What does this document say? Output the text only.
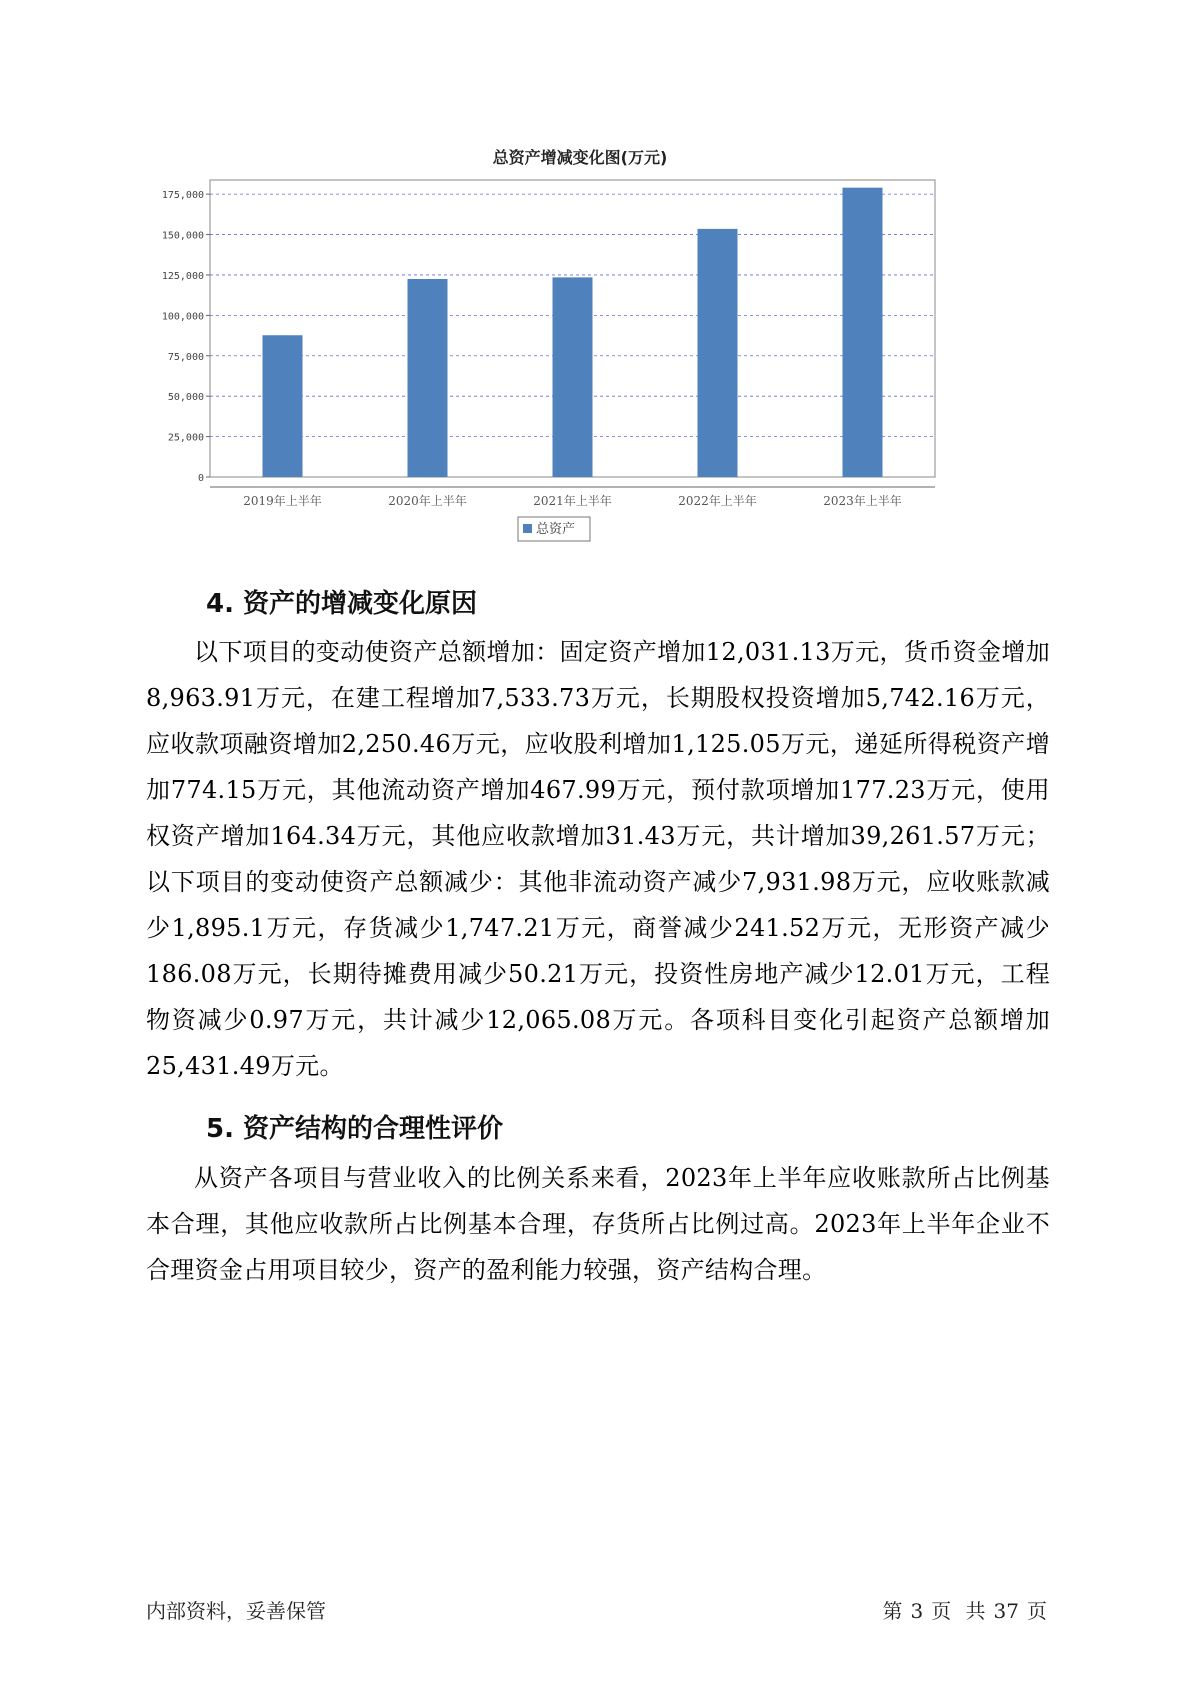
总资产增减变化图(万元)
0
25,000
50,000
75,000
100,000
125,000
150,000
175,000
2019年上半年	2020年上半年	2021年上半年	2022年上半年	2023年上半年
总资产
4. 资产的增减变化原因

以下项目的变动使资产总额增加：固定资产增加12,031.13万元，货币资金增加8,963.91万元，在建工程增加7,533.73万元，长期股权投资增加5,742.16万元，应收款项融资增加2,250.46万元，应收股利增加1,125.05万元，递延所得税资产增加774.15万元，其他流动资产增加467.99万元，预付款项增加177.23万元，使用权资产增加164.34万元，其他应收款增加31.43万元，共计增加39,261.57万元；以下项目的变动使资产总额减少：其他非流动资产减少7,931.98万元，应收账款减少1,895.1万元，存货减少1,747.21万元，商誉减少241.52万元，无形资产减少186.08万元，长期待摊费用减少50.21万元，投资性房地产减少12.01万元，工程物资减少0.97万元，共计减少12,065.08万元。各项科目变化引起资产总额增加25,431.49万元。

5. 资产结构的合理性评价

从资产各项目与营业收入的比例关系来看，2023年上半年应收账款所占比例基本合理，其他应收款所占比例基本合理，存货所占比例过高。2023年上半年企业不合理资金占用项目较少，资产的盈利能力较强，资产结构合理。

内部资料，妥善保管	第 3 页 共 37 页
